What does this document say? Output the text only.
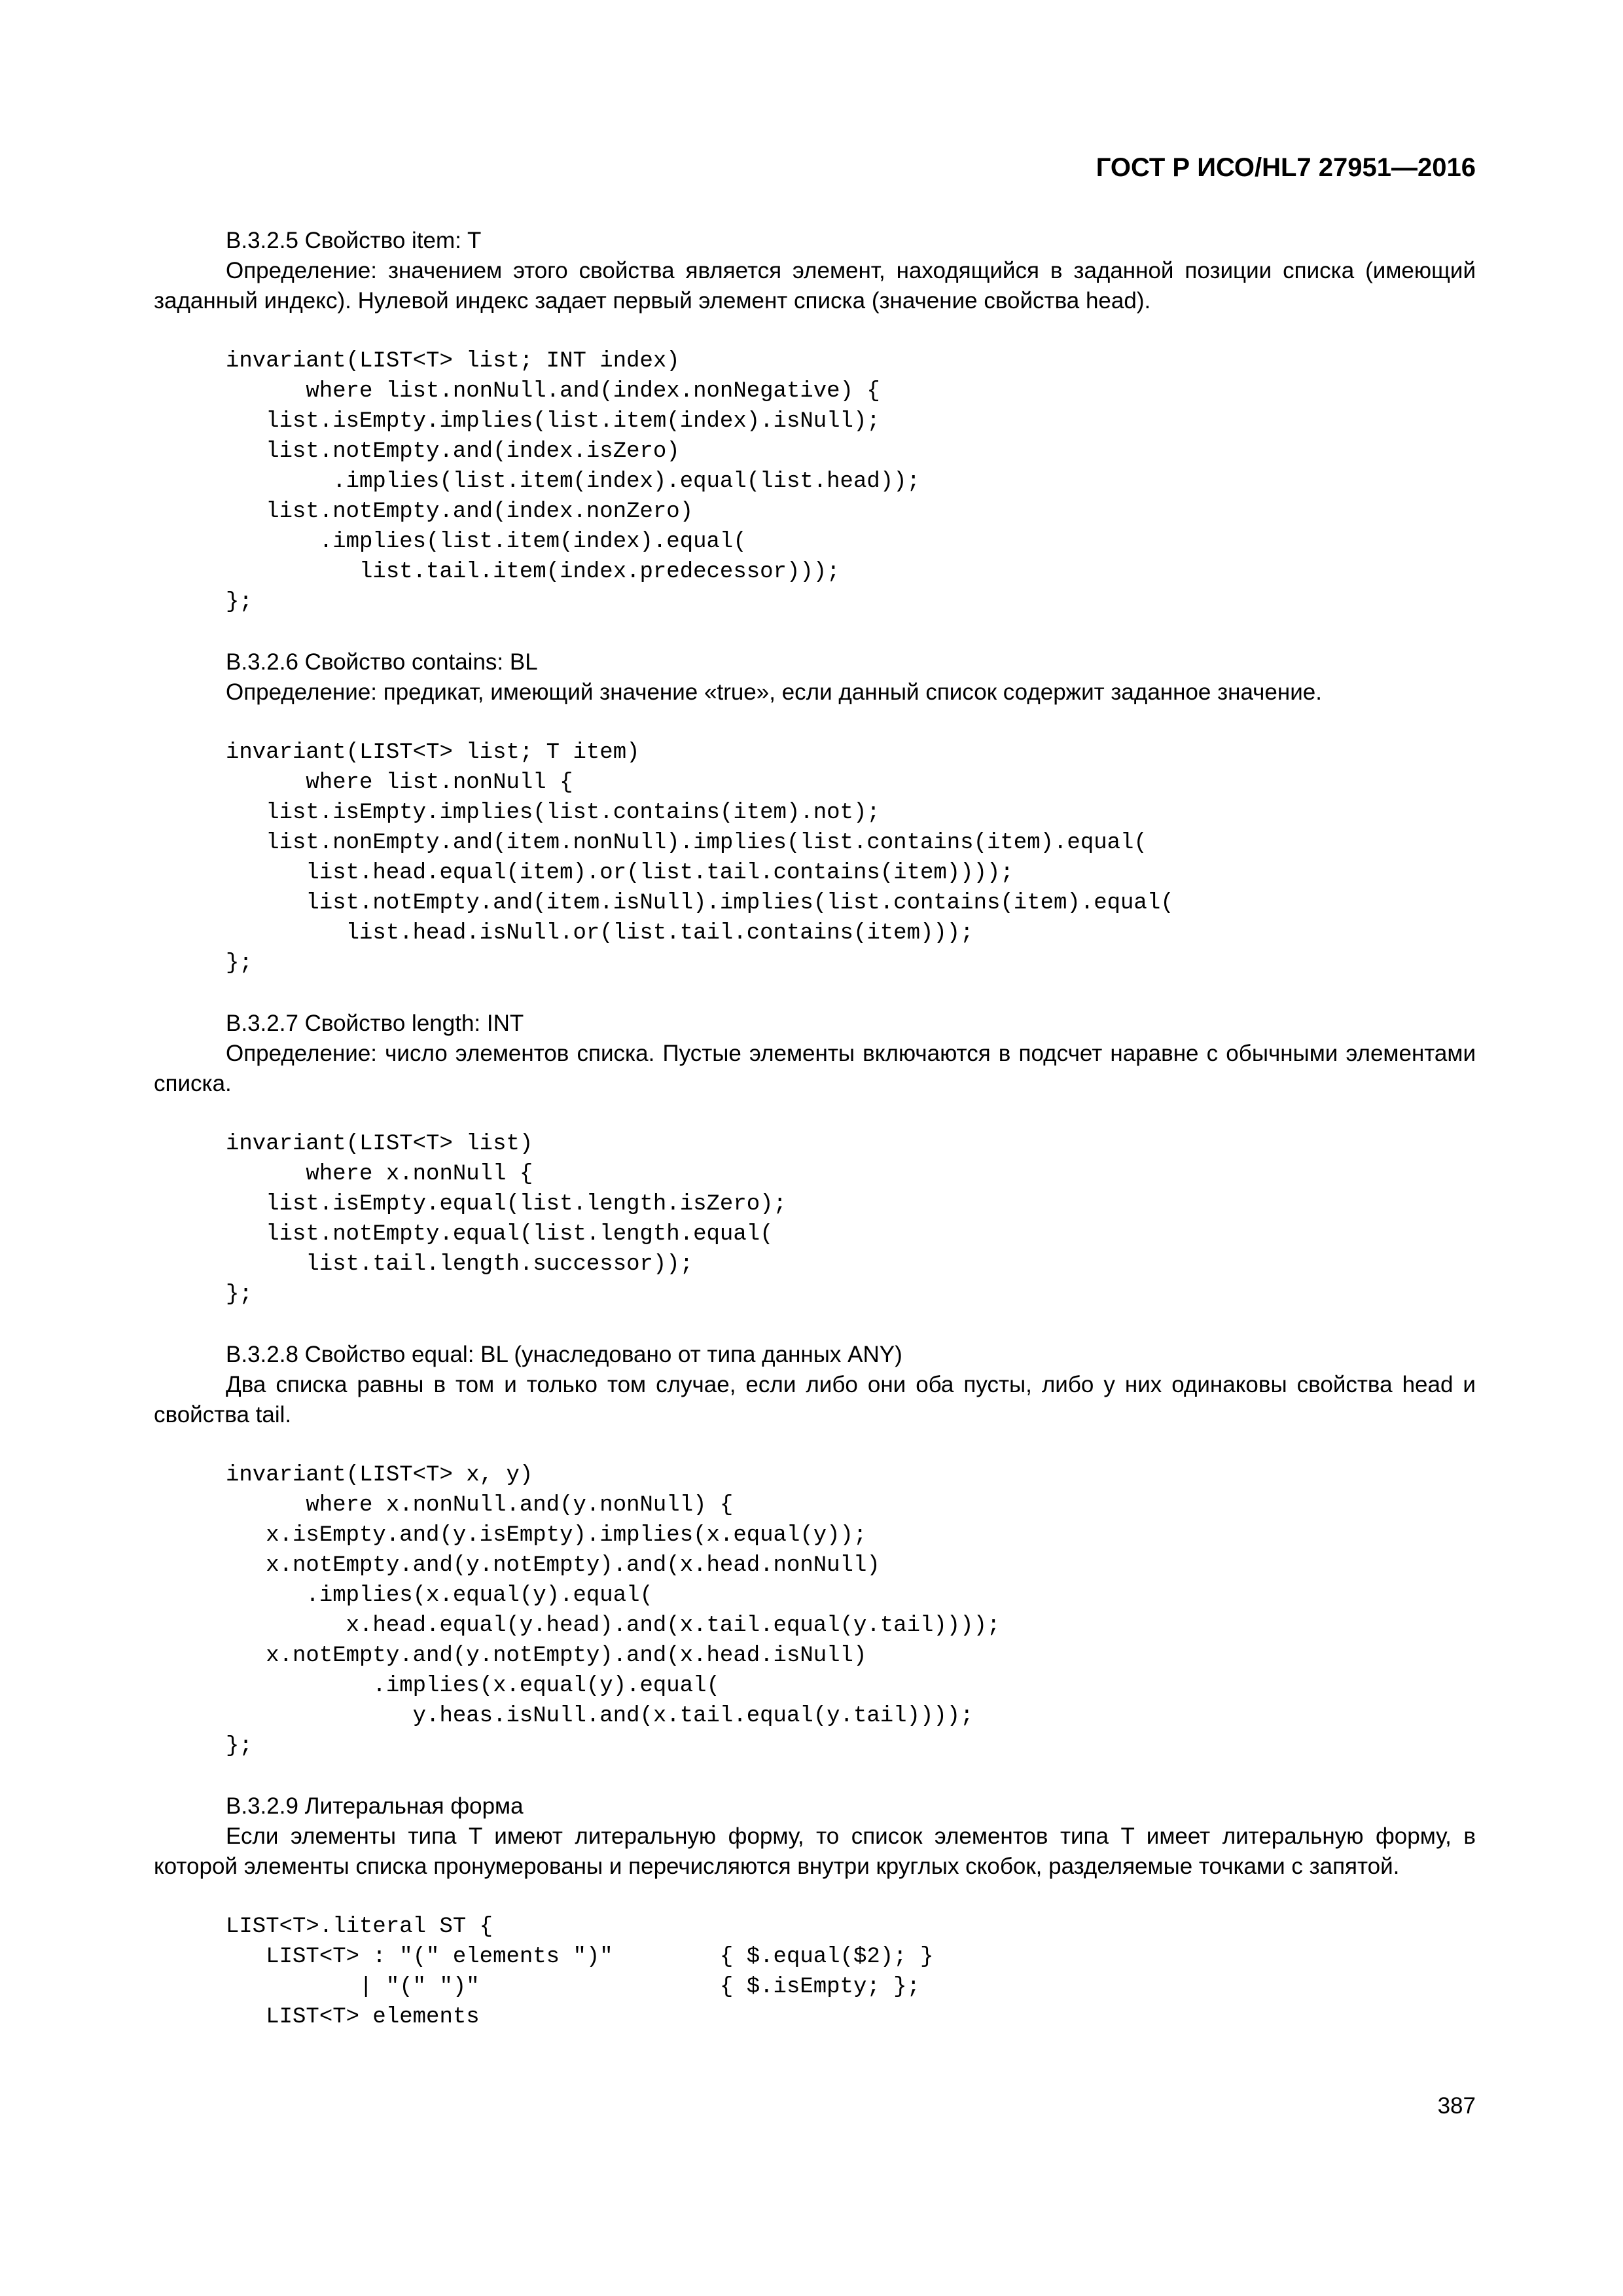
ГОСТ Р ИСО/HL7 27951—2016

B.3.2.5 Свойство item: T

Определение: значением этого свойства является элемент, находящийся в заданной позиции списка (имеющий заданный индекс). Нулевой индекс задает первый элемент списка (значение свойства head).

invariant(LIST<T> list; INT index)
where list.nonNull.and(index.nonNegative) {
list.isEmpty.implies(list.item(index).isNull);
list.notEmpty.and(index.isZero)
.implies(list.item(index).equal(list.head));
list.notEmpty.and(index.nonZero)
.implies(list.item(index).equal(
list.tail.item(index.predecessor)));
};

B.3.2.6 Свойство contains: BL

Определение: предикат, имеющий значение «true», если данный список содержит заданное значение.

invariant(LIST<T> list; T item)
where list.nonNull {
list.isEmpty.implies(list.contains(item).not);
list.nonEmpty.and(item.nonNull).implies(list.contains(item).equal(
list.head.equal(item).or(list.tail.contains(item))));
list.notEmpty.and(item.isNull).implies(list.contains(item).equal(
list.head.isNull.or(list.tail.contains(item)));
};

B.3.2.7 Свойство length: INT

Определение: число элементов списка. Пустые элементы включаются в подсчет наравне с обычными элементами списка.

invariant(LIST<T> list)
where x.nonNull {
list.isEmpty.equal(list.length.isZero);
list.notEmpty.equal(list.length.equal(
list.tail.length.successor));
};

B.3.2.8 Свойство equal: BL (унаследовано от типа данных ANY)

Два списка равны в том и только том случае, если либо они оба пусты, либо у них одинаковы свойства head и свойства tail.

invariant(LIST<T> x, y)
where x.nonNull.and(y.nonNull) {
x.isEmpty.and(y.isEmpty).implies(x.equal(y));
x.notEmpty.and(y.notEmpty).and(x.head.nonNull)
.implies(x.equal(y).equal(
x.head.equal(y.head).and(x.tail.equal(y.tail))));
x.notEmpty.and(y.notEmpty).and(x.head.isNull)
.implies(x.equal(y).equal(
y.heas.isNull.and(x.tail.equal(y.tail))));
};

B.3.2.9 Литеральная форма

Если элементы типа T имеют литеральную форму, то список элементов типа T имеет литеральную форму, в которой элементы списка пронумерованы и перечисляются внутри круглых скобок, разделяемые точками с запятой.

LIST<T>.literal ST {
LIST<T> : "(" elements ")"        { $.equal($2); }
| "(" ")"                  { $.isEmpty; };
LIST<T> elements
387
